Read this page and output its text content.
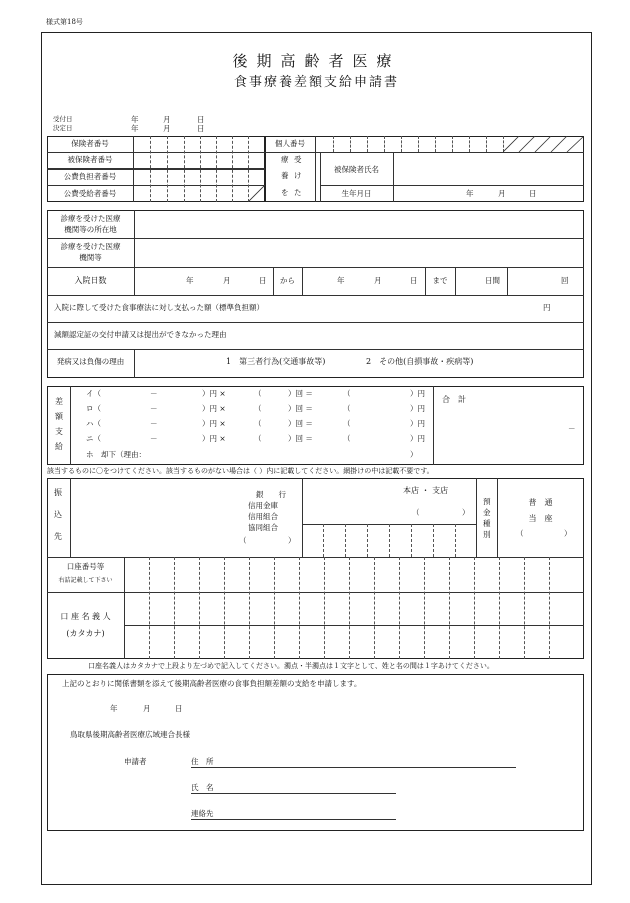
様式第18号
後期高齢者医療
食事療養差額支給申請書
受付日
決定日
年	月	日
年	月	日
保険者番号
被保険者番号
公費負担者番号
公費受給者番号
個人番号
療 受
養 け
を た
被保険者氏名
生年月日	年	月	日
診療を受けた医療
機関等の所在地
診療を受けた医療
機関等
入院日数	年	月	日	から	年	月	日	まで	日間	回
入院に際して受けた食事療法に対し支払った額（標準負担額）	円
減額認定証の交付申請又は提出ができなかった理由
発病又は負傷の理由	1　第三者行為(交通事故等)	2　その他(自損事故・疾病等)
差
額
支
給
イ（	－	）円 ×	（	）回 ＝	（	）円
ロ（	－	）円 ×	（	）回 ＝	（	）円
ハ（	－	）円 ×	（	）回 ＝	（	）円
ニ（	－	）円 ×	（	）回 ＝	（	）円
ホ　却下（理由：	）
合　計
－
該当するものに〇をつけてください。該当するものがない場合は（ ）内に記載してください。網掛けの中は記載不要です。
振
込
先
銀　　行
信用金庫
信用組合
協同組合
（	）
本店 ・ 支店
（	）
預
金
種
別
普　通
当　座
（	）
口座番号等
右詰記載して下さい
口 座 名 義 人
(カタカナ)
口座名義人はカタカナで上段より左づめで記入してください。濁点・半濁点は１文字として、姓と名の間は１字あけてください。
上記のとおりに関係書類を添えて後期高齢者医療の食事負担額差額の支給を申請します。
年	月	日
鳥取県後期高齢者医療広域連合長様
申請者	住　所
氏　名
連絡先
